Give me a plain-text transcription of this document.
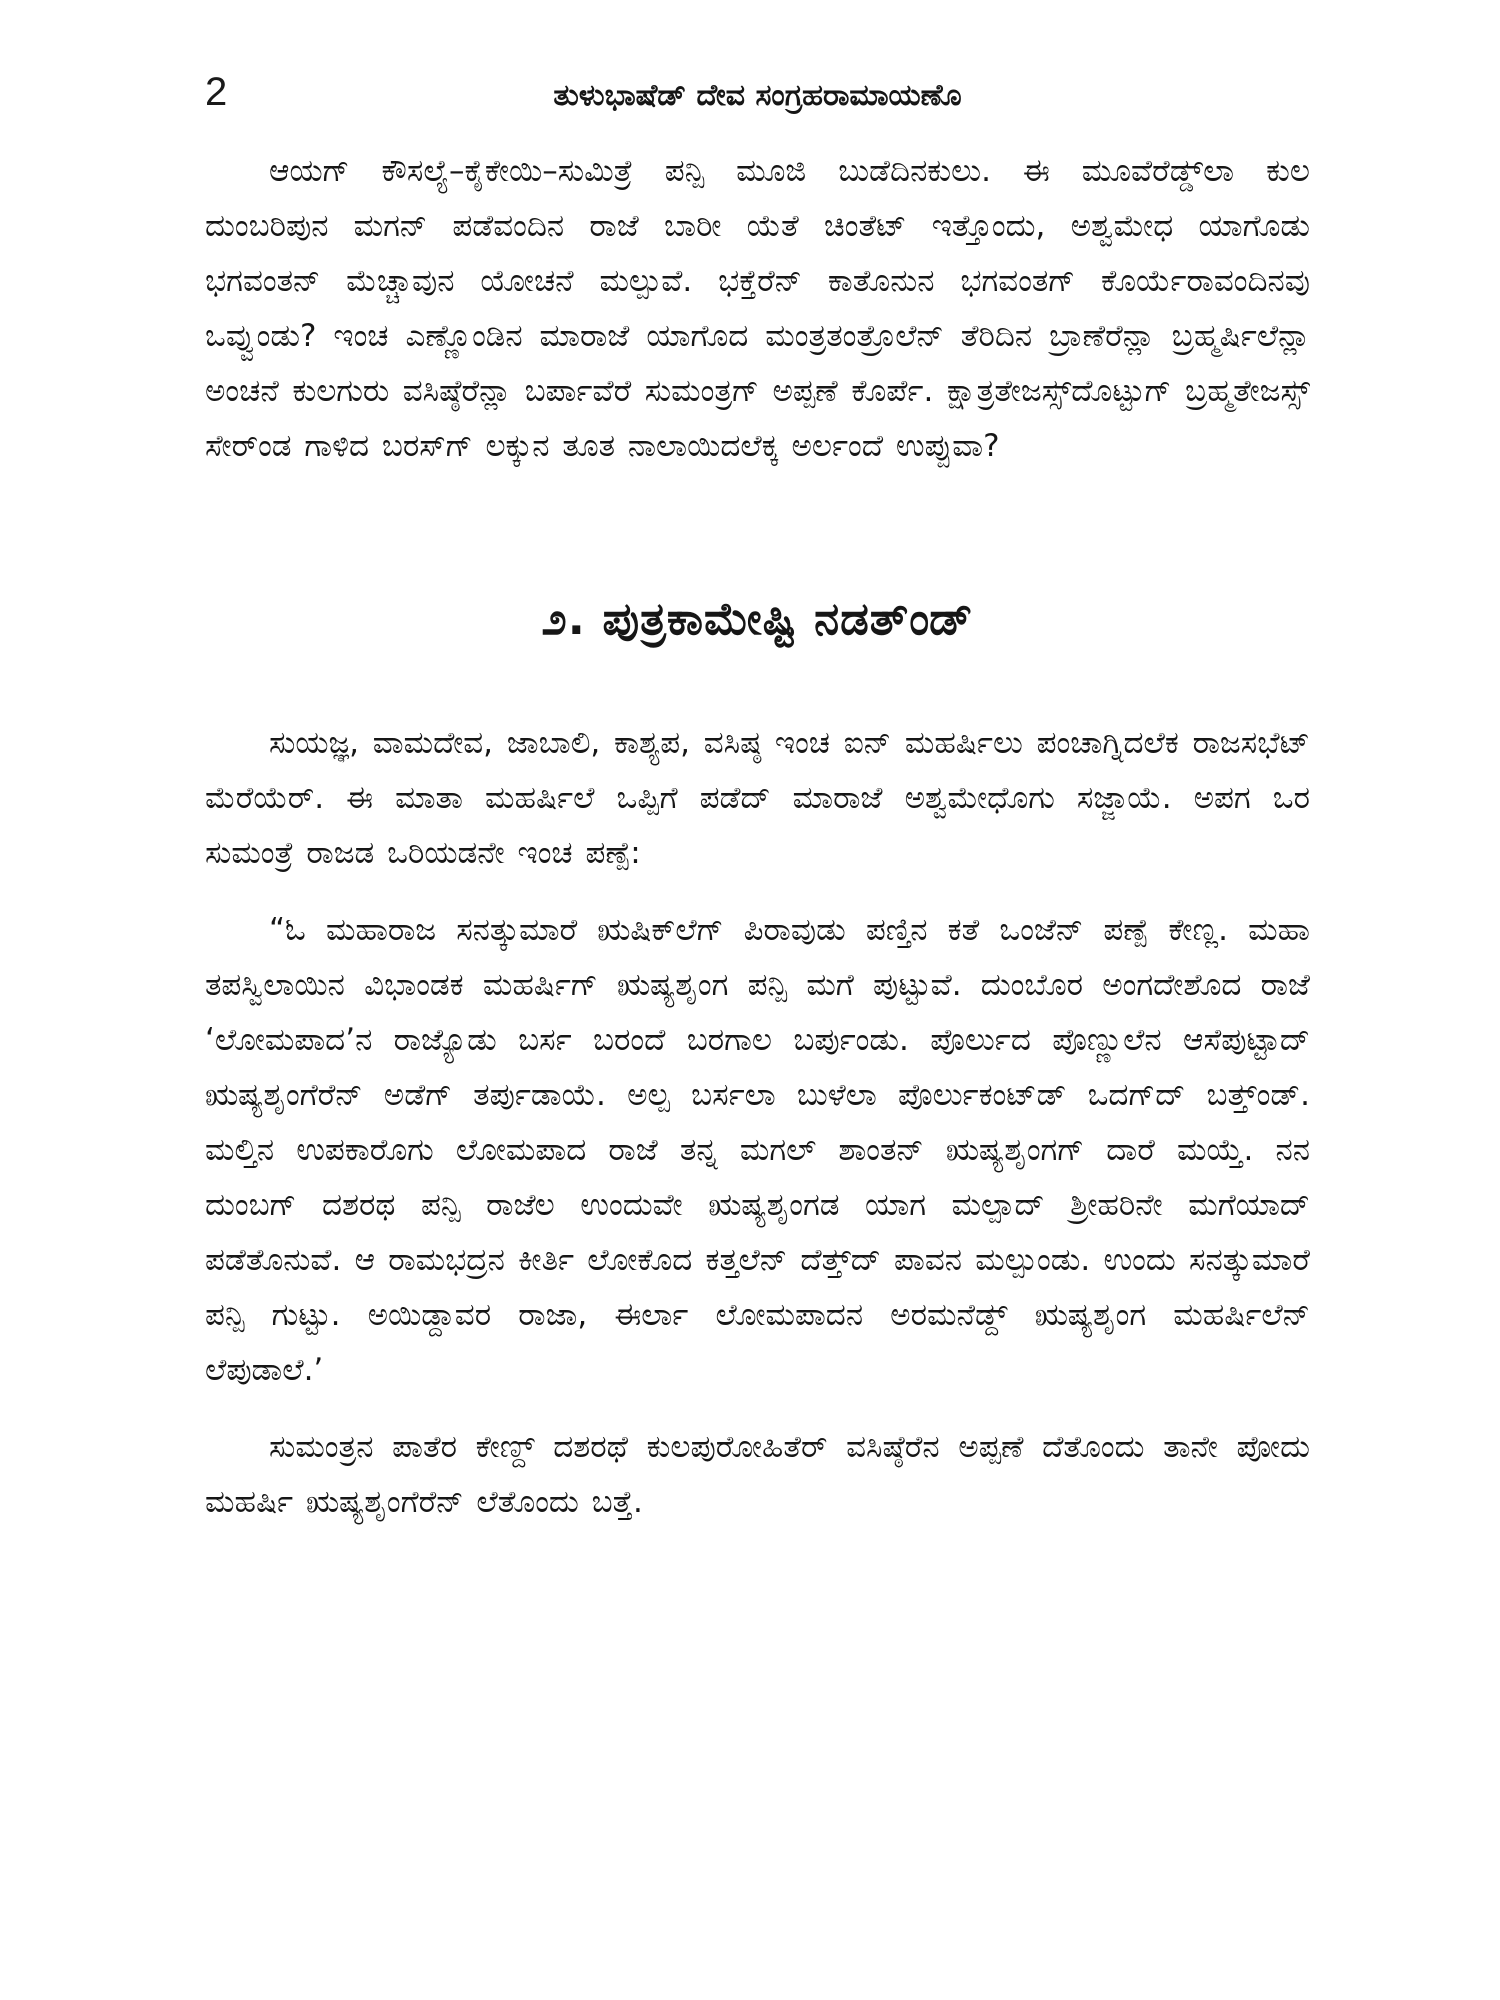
2	ತುಳುಭಾಷೆಡ್ ದೇವ ಸಂಗ್ರಹರಾಮಾಯಣೊ

ಆಯಗ್ ಕೌಸಲ್ಯೆ–ಕೈಕೇಯಿ–ಸುಮಿತ್ರೆ ಪನ್ಪಿ ಮೂಜಿ ಬುಡೆದಿನಕುಲು. ಈ ಮೂವೆರೆಡ್ಡ್‌ಲಾ ಕುಲ ದುಂಬರಿಪುನ ಮಗನ್ ಪಡೆವಂದಿನ ರಾಜೆ ಬಾರೀ ಯೆತೆ ಚಿಂತೆಟ್ ಇತ್ತೊಂದು, ಅಶ್ವಮೇಧ ಯಾಗೊಡು ಭಗವಂತನ್ ಮೆಚ್ಚಾವುನ ಯೋಚನೆ ಮಲ್ಪುವೆ. ಭಕ್ತೆರೆನ್ ಕಾತೊನುನ ಭಗವಂತಗ್ ಕೊರ್ಯೆರಾವಂದಿನವು ಒವ್ವುಂಡು? ಇಂಚ ಎಣ್ಣೊಂಡಿನ ಮಾರಾಜೆ ಯಾಗೊದ ಮಂತ್ರತಂತ್ರೊಲೆನ್ ತೆರಿದಿನ ಬ್ರಾಣೆರೆನ್ಲಾ ಬ್ರಹ್ಮರ್ಷಿಲೆನ್ಲಾ ಅಂಚನೆ ಕುಲಗುರು ವಸಿಷ್ಠೆರೆನ್ಲಾ ಬರ್ಪಾವೆರೆ ಸುಮಂತ್ರಗ್ ಅಪ್ಪಣೆ ಕೊರ್ಪೆ. ಕ್ಷಾತ್ರತೇಜಸ್ಸ್‌ದೊಟ್ಟುಗ್ ಬ್ರಹ್ಮತೇಜಸ್ಸ್ ಸೇರ್‌ಂಡ ಗಾಳಿದ ಬರಸ್‌ಗ್ ಲಕ್ಕುನ ತೂತ ನಾಲಾಯಿದಲೆಕ್ಕ ಅರ್ಲಂದೆ ಉಪ್ಪುವಾ?

೨. ಪುತ್ರಕಾಮೇಷ್ಟಿ ನಡತ್‌ಂಡ್

ಸುಯಜ್ಞ, ವಾಮದೇವ, ಜಾಬಾಲಿ, ಕಾಶ್ಯಪ, ವಸಿಷ್ಠ ಇಂಚ ಐನ್ ಮಹರ್ಷಿಲು ಪಂಚಾಗ್ನಿದಲೆಕ ರಾಜಸಭೆಟ್ ಮೆರೆಯೆರ್. ಈ ಮಾತಾ ಮಹರ್ಷಿಲೆ ಒಪ್ಪಿಗೆ ಪಡೆದ್ ಮಾರಾಜೆ ಅಶ್ವಮೇಧೊಗು ಸಜ್ಜಾಯೆ. ಅಪಗ ಒರ ಸುಮಂತ್ರೆ ರಾಜಡ ಒರಿಯಡನೇ ಇಂಚ ಪಣ್ಪೆ:

“ಓ ಮಹಾರಾಜ ಸನತ್ಕುಮಾರೆ ಋಷಿಕ್‌ಲೆಗ್ ಪಿರಾವುಡು ಪಣ್ತಿನ ಕತೆ ಒಂಜೆನ್ ಪಣ್ಪೆ ಕೇಣ್ಲ. ಮಹಾ ತಪಸ್ವಿಲಾಯಿನ ವಿಭಾಂಡಕ ಮಹರ್ಷಿಗ್ ಋಷ್ಯಶೃಂಗ ಪನ್ಪಿ ಮಗೆ ಪುಟ್ಟುವೆ. ದುಂಬೊರ ಅಂಗದೇಶೊದ ರಾಜೆ ‘ಲೋಮಪಾದ’ನ ರಾಜ್ಯೊಡು ಬರ್ಸ ಬರಂದೆ ಬರಗಾಲ ಬರ್ಪುಂಡು. ಪೊರ್ಲುದ ಪೊಣ್ಣುಲೆನ ಆಸೆಪುಟ್ಟಾದ್ ಋಷ್ಯಶೃಂಗೆರೆನ್ ಅಡೆಗ್ ತರ್ಪುಡಾಯೆ. ಅಲ್ಪ ಬರ್ಸಲಾ ಬುಳೆಲಾ ಪೊರ್ಲುಕಂಟ್‌ಡ್ ಒದಗ್‌ದ್ ಬತ್ತ್‌ಂಡ್. ಮಲ್ತಿನ ಉಪಕಾರೊಗು ಲೋಮಪಾದ ರಾಜೆ ತನ್ನ ಮಗಲ್ ಶಾಂತನ್ ಋಷ್ಯಶೃಂಗಗ್ ದಾರೆ ಮಯ್ತೆ. ನನ ದುಂಬಗ್ ದಶರಥ ಪನ್ಪಿ ರಾಜೆಲ ಉಂದುವೇ ಋಷ್ಯಶೃಂಗಡ ಯಾಗ ಮಲ್ಪಾದ್ ಶ್ರೀಹರಿನೇ ಮಗೆಯಾದ್ ಪಡೆತೊನುವೆ. ಆ ರಾಮಭದ್ರನ ಕೀರ್ತಿ ಲೋಕೊದ ಕತ್ತಲೆನ್ ದೆತ್ತ್‌ದ್ ಪಾವನ ಮಲ್ಪುಂಡು. ಉಂದು ಸನತ್ಕುಮಾರೆ ಪನ್ಪಿ ಗುಟ್ಟು. ಅಯಿಡ್ದಾವರ ರಾಜಾ, ಈರ್ಲಾ ಲೋಮಪಾದನ ಅರಮನೆಡ್ದ್ ಋಷ್ಯಶೃಂಗ ಮಹರ್ಷಿಲೆನ್ ಲೆಪುಡಾಲೆ.’

ಸುಮಂತ್ರನ ಪಾತೆರ ಕೇಣ್ದ್ ದಶರಥೆ ಕುಲಪುರೋಹಿತೆರ್ ವಸಿಷ್ಠೆರೆನ ಅಪ್ಪಣೆ ದೆತೊಂದು ತಾನೇ ಪೋದು ಮಹರ್ಷಿ ಋಷ್ಯಶೃಂಗೆರೆನ್ ಲೆತೊಂದು ಬತ್ತೆ.
